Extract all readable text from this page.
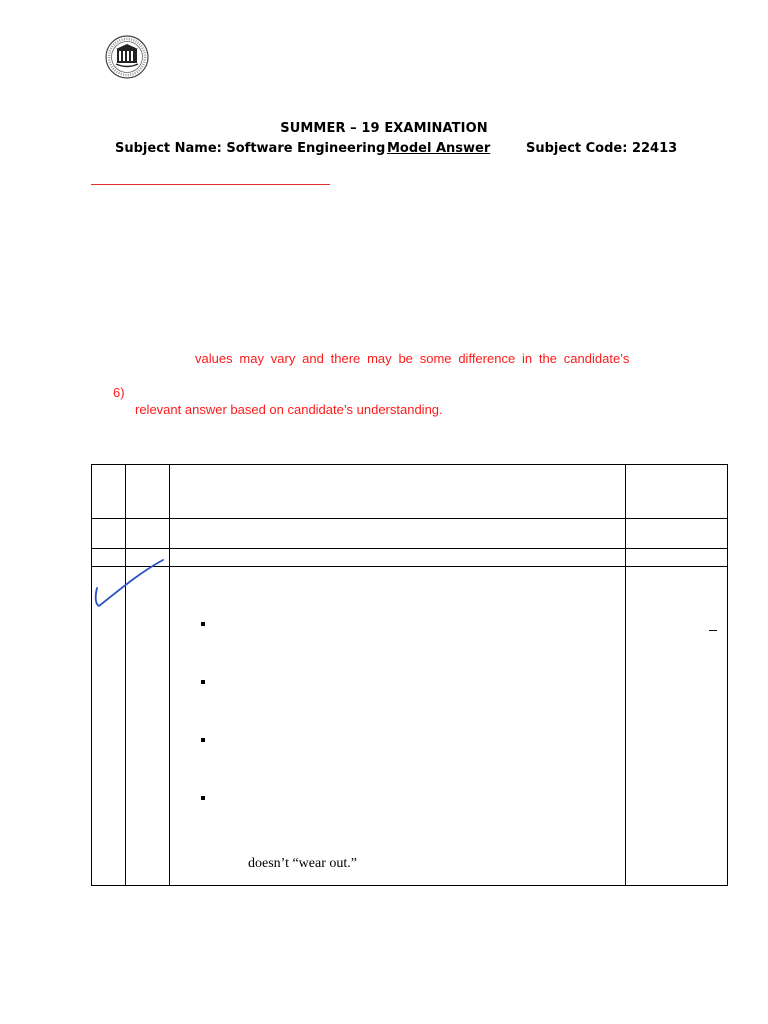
SUMMER – 19 EXAMINATION
Subject Name: Software Engineering Model Answer	Subject Code: 22413
values may vary and there may be some difference in the candidate’s
6)
relevant answer based on candidate’s understanding.
doesn’t “wear out.”
